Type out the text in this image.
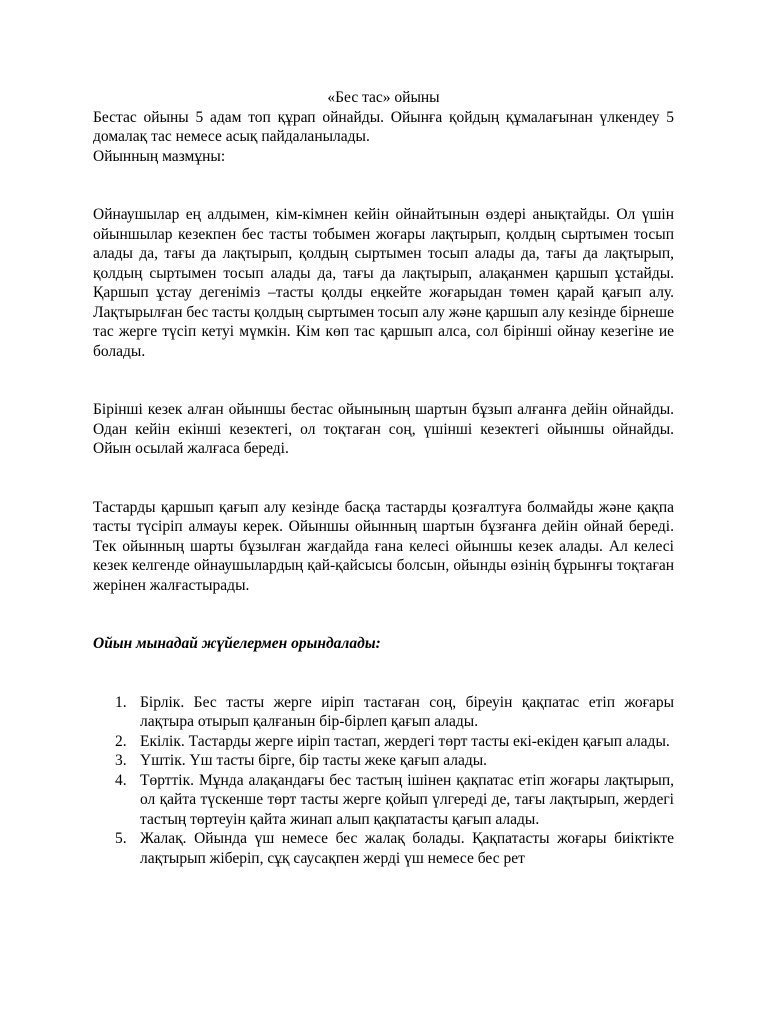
«Бес тас» ойыны

Бестас ойыны 5 адам топ құрап ойнайды. Ойынға қойдың құмалағынан үлкендеу 5 домалақ тас немесе асық пайдаланылады.

Ойынның мазмұны:

Ойнаушылар ең алдымен, кім-кімнен кейін ойнайтынын өздері анықтайды. Ол үшін ойыншылар кезекпен бес тасты тобымен жоғары лақтырып, қолдың сыртымен тосып алады да, тағы да лақтырып, қолдың сыртымен тосып алады да, тағы да лақтырып, қолдың сыртымен тосып алады да, тағы да лақтырып, алақанмен қаршып ұстайды. Қаршып ұстау дегеніміз –тасты қолды еңкейте жоғарыдан төмен қарай қағып алу. Лақтырылған бес тасты қолдың сыртымен тосып алу және қаршып алу кезінде бірнеше тас жерге түсіп кетуі мүмкін. Кім көп тас қаршып алса, сол бірінші ойнау кезегіне ие болады.

Бірінші кезек алған ойыншы бестас ойынының шартын бұзып алғанға дейін ойнайды. Одан кейін екінші кезектегі, ол тоқтаған соң, үшінші кезектегі ойыншы ойнайды. Ойын осылай жалғаса береді.

Тастарды қаршып қағып алу кезінде басқа тастарды қозғалтуға болмайды және қақпа тасты түсіріп алмауы керек. Ойыншы ойынның шартын бұзғанға дейін ойнай береді. Тек ойынның шарты бұзылған жағдайда ғана келесі ойыншы кезек алады. Ал келесі кезек келгенде ойнаушылардың қай-қайсысы болсын, ойынды өзінің бұрынғы тоқтаған жерінен жалғастырады.

Ойын мынадай жүйелермен орындалады:

1. Бірлік. Бес тасты жерге иіріп тастаған соң, біреуін қақпатас етіп жоғары лақтыра отырып қалғанын бір-бірлеп қағып алады.
2. Екілік. Тастарды жерге иіріп тастап, жердегі төрт тасты екі-екіден қағып алады.
3. Үштік. Үш тасты бірге, бір тасты жеке қағып алады.
4. Төрттік. Мұнда алақандағы бес тастың ішінен қақпатас етіп жоғары лақтырып, ол қайта түскенше төрт тасты жерге қойып үлгереді де, тағы лақтырып, жердегі тастың төртеуін қайта жинап алып қақпатасты қағып алады.
5. Жалақ. Ойында үш немесе бес жалақ болады. Қақпатасты жоғары биіктікте лақтырып жіберіп, сұқ саусақпен жерді үш немесе бес рет
